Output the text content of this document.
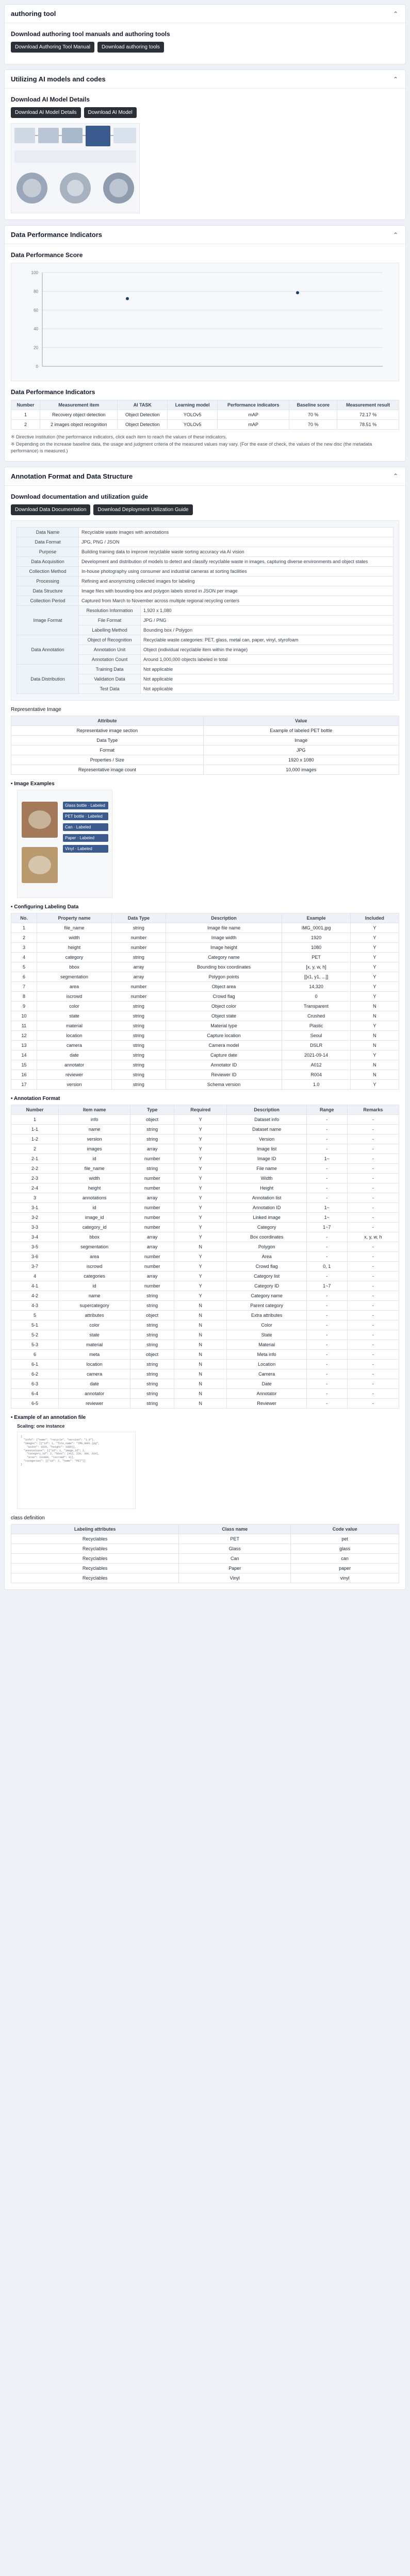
authoring tool	⌃
Download authoring tool manuals and authoring tools
Download Authoring Tool Manual	Download authoring tools
Utilizing AI models and codes	⌃
Download AI Model Details
Download AI Model Details	Download AI Model
Data Performance Indicators	⌃
Data Performance Score
100
80
60
40
20
0
Data Performance Indicators
Number	Measurement item	AI TASK	Learning model	Performance indicators	Baseline score	Measurement result
1	Recovery object detection	Object Detection	YOLOv5	mAP	70 %	72.17 %
2	2 images object recognition	Object Detection	YOLOv5	mAP	70 %	78.51 %

※ Directive Institution (the performance indicators, click each item to reach the values of these indicators.

※ Depending on the increase baseline data, the usage and judgment criteria of the measured values may vary. (For the ease of check, the values of the new disc (the metadata performance) is measured.)

Annotation Format and Data Structure	⌃
Download documentation and utilization guide
Download Data Documentation	Download Deployment Utilization Guide
Data Name	Recyclable waste images with annotations	
Data Format	JPG, PNG / JSON	
Purpose	Building training data to improve recyclable waste sorting accuracy via AI vision	
Data Acquisition	Development and distribution of models to detect and classify recyclable waste in images, capturing diverse environments and object states	
Collection Method	In-house photography using consumer and industrial cameras at sorting facilities	
Processing	Refining and anonymizing collected images for labeling	
Data Structure	Image files with bounding-box and polygon labels stored in JSON per image	
Collection Period	Captured from March to November across multiple regional recycling centers	
Image Format	Resolution Information	1,920 x 1,080
	File Format	JPG / PNG
	Labelling Method	Bounding box / Polygon
Data Annotation	Object of Recognition	Recyclable waste categories: PET, glass, metal can, paper, vinyl, styrofoam
	Annotation Unit	Object (individual recyclable item within the image)
	Annotation Count	Around 1,000,000 objects labeled in total
Data Distribution	Training Data	Not applicable
	Validation Data	Not applicable
	Test Data	Not applicable
Representative Image
Attribute	Value
Representative image section	Example of labeled PET bottle
Data Type	Image
Format	JPG
Properties / Size	1920 x 1080
Representative image count	10,000 images
• Image Examples
Glass bottle · Labeled
PET bottle · Labeled
Can · Labeled
Paper · Labeled
Vinyl · Labeled
• Configuring Labeling Data
No.	Property name	Data Type	Description	Example	Included
1	file_name	string	Image file name	IMG_0001.jpg	Y
2	width	number	Image width	1920	Y
3	height	number	Image height	1080	Y
4	category	string	Category name	PET	Y
5	bbox	array	Bounding box coordinates	[x, y, w, h]	Y
6	segmentation	array	Polygon points	[[x1, y1, ...]]	Y
7	area	number	Object area	14,320	Y
8	iscrowd	number	Crowd flag	0	Y
9	color	string	Object color	Transparent	N
10	state	string	Object state	Crushed	N
11	material	string	Material type	Plastic	Y
12	location	string	Capture location	Seoul	N
13	camera	string	Camera model	DSLR	N
14	date	string	Capture date	2021-09-14	Y
15	annotator	string	Annotator ID	A012	N
16	reviewer	string	Reviewer ID	R004	N
17	version	string	Schema version	1.0	Y
• Annotation Format
Number	Item name	Type	Required	Description	Range	Remarks
1	info	object	Y	Dataset info	-	-
1-1	name	string	Y	Dataset name	-	-
1-2	version	string	Y	Version	-	-
2	images	array	Y	Image list	-	-
2-1	id	number	Y	Image ID	1~	-
2-2	file_name	string	Y	File name	-	-
2-3	width	number	Y	Width	-	-
2-4	height	number	Y	Height	-	-
3	annotations	array	Y	Annotation list	-	-
3-1	id	number	Y	Annotation ID	1~	-
3-2	image_id	number	Y	Linked image	1~	-
3-3	category_id	number	Y	Category	1~7	-
3-4	bbox	array	Y	Box coordinates	-	x, y, w, h
3-5	segmentation	array	N	Polygon	-	-
3-6	area	number	Y	Area	-	-
3-7	iscrowd	number	Y	Crowd flag	0, 1	-
4	categories	array	Y	Category list	-	-
4-1	id	number	Y	Category ID	1~7	-
4-2	name	string	Y	Category name	-	-
4-3	supercategory	string	N	Parent category	-	-
5	attributes	object	N	Extra attributes	-	-
5-1	color	string	N	Color	-	-
5-2	state	string	N	State	-	-
5-3	material	string	N	Material	-	-
6	meta	object	N	Meta info	-	-
6-1	location	string	N	Location	-	-
6-2	camera	string	N	Camera	-	-
6-3	date	string	N	Date	-	-
6-4	annotator	string	N	Annotator	-	-
6-5	reviewer	string	N	Reviewer	-	-
• Example of an annotation file
Scaling: one instance
{
"info": {"name": "recycle", "version": "1.0"},
"images": [{"id": 1, "file_name": "IMG_0001.jpg",
"width": 1920, "height": 1080}],
"annotations": [{"id": 1, "image_id": 1,
"category_id": 2, "bbox": [412, 220, 380, 610],
"area": 231800, "iscrowd": 0}],
"categories": [{"id": 2, "name": "PET"}]
}
class definition
Labeling attributes	Class name	Code value
Recyclables	PET	pet
Recyclables	Glass	glass
Recyclables	Can	can
Recyclables	Paper	paper
Recyclables	Vinyl	vinyl
